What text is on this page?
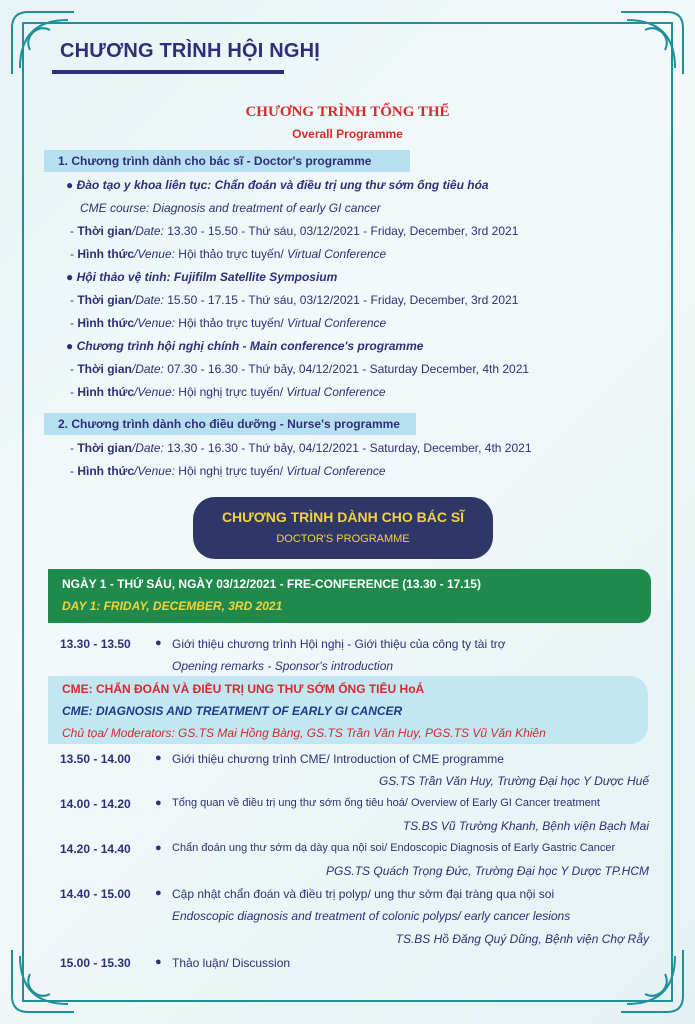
CHƯƠNG TRÌNH HỘI NGHỊ
CHƯƠNG TRÌNH TỔNG THỂ
Overall Programme
1. Chương trình dành cho bác sĩ - Doctor's programme
● Đào tạo y khoa liên tục: Chẩn đoán và điều trị ung thư sớm ống tiêu hóa
CME course: Diagnosis and treatment of early GI cancer
- Thời gian/Date: 13.30 - 15.50 - Thứ sáu, 03/12/2021 - Friday, December, 3rd 2021
- Hình thức/Venue: Hội thảo trực tuyến/ Virtual Conference
● Hội thảo vệ tinh: Fujifilm Satellite Symposium
- Thời gian/Date: 15.50 - 17.15 - Thứ sáu, 03/12/2021 - Friday, December, 3rd 2021
- Hình thức/Venue: Hội thảo trực tuyến/ Virtual Conference
● Chương trình hội nghị chính - Main conference's programme
- Thời gian/Date: 07.30 - 16.30 - Thứ bảy, 04/12/2021 - Saturday December, 4th 2021
- Hình thức/Venue: Hội nghị trực tuyến/ Virtual Conference
2. Chương trình dành cho điều dưỡng - Nurse's programme
- Thời gian/Date: 13.30 - 16.30 - Thứ bảy, 04/12/2021 - Saturday, December, 4th 2021
- Hình thức/Venue: Hội nghị trực tuyến/ Virtual Conference
CHƯƠNG TRÌNH DÀNH CHO BÁC SĨ
DOCTOR'S PROGRAMME
NGÀY 1 - THỨ SÁU, NGÀY 03/12/2021 - FRE-CONFERENCE (13.30 - 17.15)
DAY 1: FRIDAY, DECEMBER, 3RD 2021
13.30 - 13.50 ● Giới thiệu chương trình Hội nghị - Giới thiệu của công ty tài trợ
Opening remarks - Sponsor's introduction
CME: CHẨN ĐOÁN VÀ ĐIỀU TRỊ UNG THƯ SỚM ỐNG TIÊU HoÁ
CME: DIAGNOSIS AND TREATMENT OF EARLY GI CANCER
Chủ tọa/ Moderators: GS.TS Mai Hồng Bàng, GS.TS Trần Văn Huy, PGS.TS Vũ Văn Khiên
13.50 - 14.00 ● Giới thiệu chương trình CME/ Introduction of CME programme
GS.TS Trần Văn Huy, Trường Đại học Y Dược Huế
14.00 - 14.20 ● Tổng quan về điều trị ung thư sớm ống tiêu hoá/ Overview of Early GI Cancer treatment
TS.BS Vũ Trường Khanh, Bệnh viện Bạch Mai
14.20 - 14.40 ● Chẩn đoán ung thư sớm dạ dày qua nội soi/ Endoscopic Diagnosis of Early Gastric Cancer
PGS.TS Quách Trọng Đức, Trường Đại học Y Dược TP.HCM
14.40 - 15.00 ● Cập nhật chẩn đoán và điều trị polyp/ ung thư sớm đại tràng qua nội soi
Endoscopic diagnosis and treatment of colonic polyps/ early cancer lesions
TS.BS Hồ Đăng Quý Dũng, Bệnh viện Chợ Rẫy
15.00 - 15.30 ● Thảo luận/ Discussion
